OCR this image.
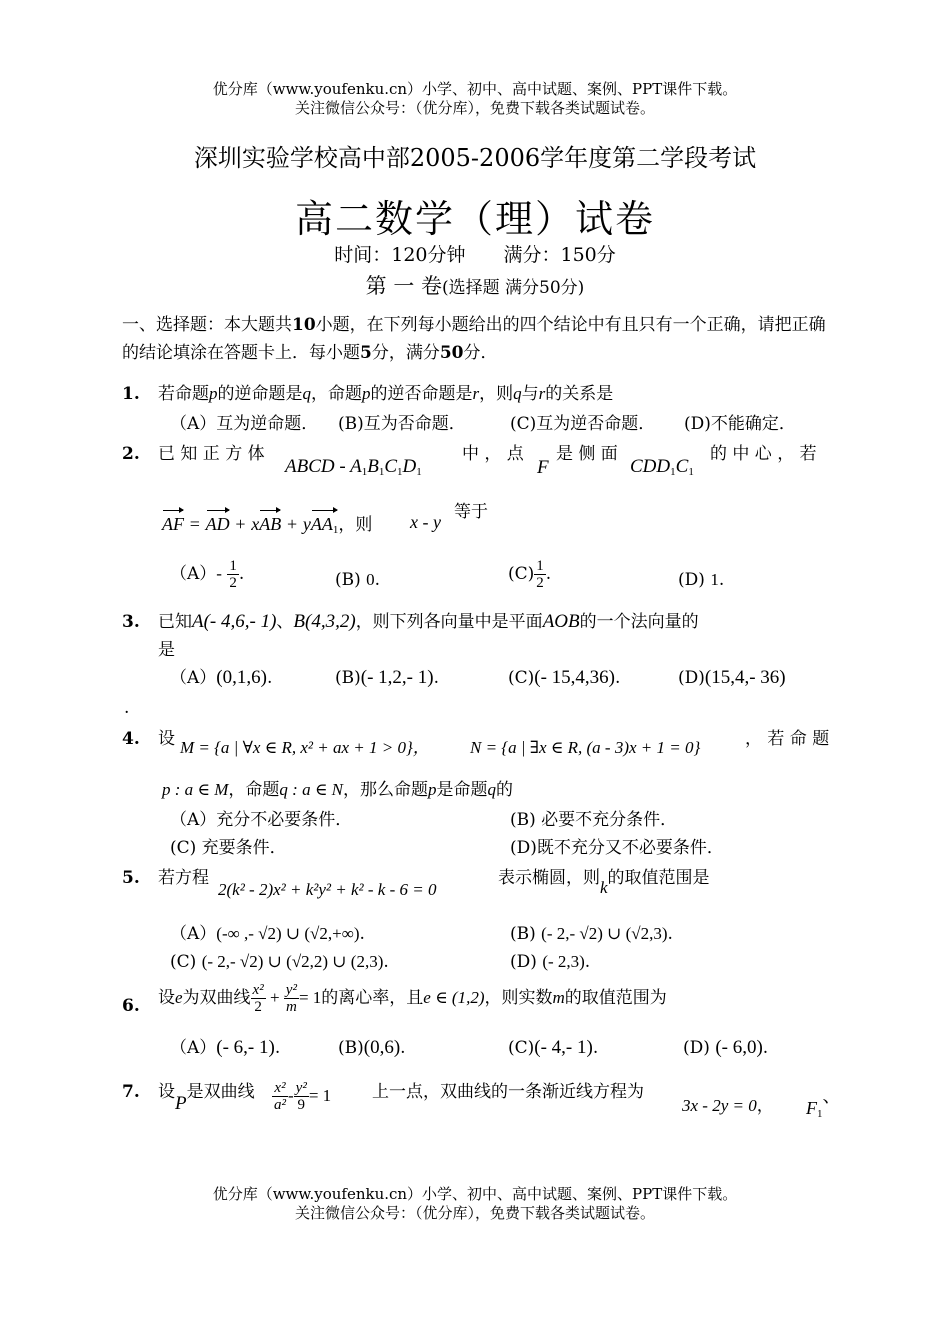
优分库（www.youfenku.cn）小学、初中、高中试题、案例、PPT课件下载。
关注微信公众号：（优分库），免费下载各类试题试卷。
深圳实验学校高中部2005-2006学年度第二学段考试
高二数学（理）试卷
时间：120分钟 满分：150分
第 一 卷(选择题 满分50分)
一、选择题：本大题共10小题，在下列每小题给出的四个结论中有且只有一个正确，请把正确的结论填涂在答题卡上．每小题5分，满分50分．
1. 若命题p的逆命题是q，命题p的逆否命题是r，则q与r的关系是
（A）互为逆命题． (B)互为否命题．	(C)互为逆否命题． (D)不能确定．
2. 已 知 正 方 体
ABCD - $A_1B_1C_1D_1$
中 ， 点
F
是 侧 面
$CDD_1C_1$
的 中 心 ， 若
AF = AD + xAB + yAA$_1$，则 x - y 等于
$(A)- \frac{1}{2}$ .	(B) 0.	$(C) \frac{1}{2}$ .	(D) 1.
3. 已知A(- 4,6,- 1)、B(4,3,2)，则下列各向量中是平面AOB的一个法向量的
是
（A）(0,1,6).	(B)(- 1,2,- 1).	(C)(- 15,4,36).	(D)(15,4,- 36)
.
4. 设 M = {a | ∀x ∈ R, x² + ax + 1 > 0}， N = {a | ∃x ∈ R, (a - 3)x + 1 = 0}	， 若 命 题
p : a ∈ M，命题q : a ∈ N，那么命题p是命题q的
（A）充分不必要条件．	(B) 必要不充分条件．
(C) 充要条件．	(D)既不充分又不必要条件．
5. 若方程
2(k² - 2)x² + k²y² + k² - k - 6 = 0
表示椭圆，则k的取值范围是
（A）(-∞ ,- √2) ∪ (√2,+∞).	(B) (- 2,- √2) ∪ (√2,3).
(C) (- 2,- √2) ∪ (√2,2) ∪ (2,3).	(D) (- 2,3).
6. 设e为双曲线 $\frac{\text{x²}}{2} + \frac{\text{y²}}{m} = 1$的离心率，且e ∈ (1,2)，则实数m的取值范围为
（A）(- 6,- 1).	(B)(0,6).	(C)(- 4,- 1).	(D) (- 6,0).
7. 设P是双曲线 $\frac{\text{x²}}{\text{a²}} - \frac{\text{y²}}{9} = 1$ 上一点，双曲线的一条渐近线方程为
3x - 2y = 0， $F_1$、
优分库（www.youfenku.cn）小学、初中、高中试题、案例、PPT课件下载。
关注微信公众号：（优分库），免费下载各类试题试卷。
